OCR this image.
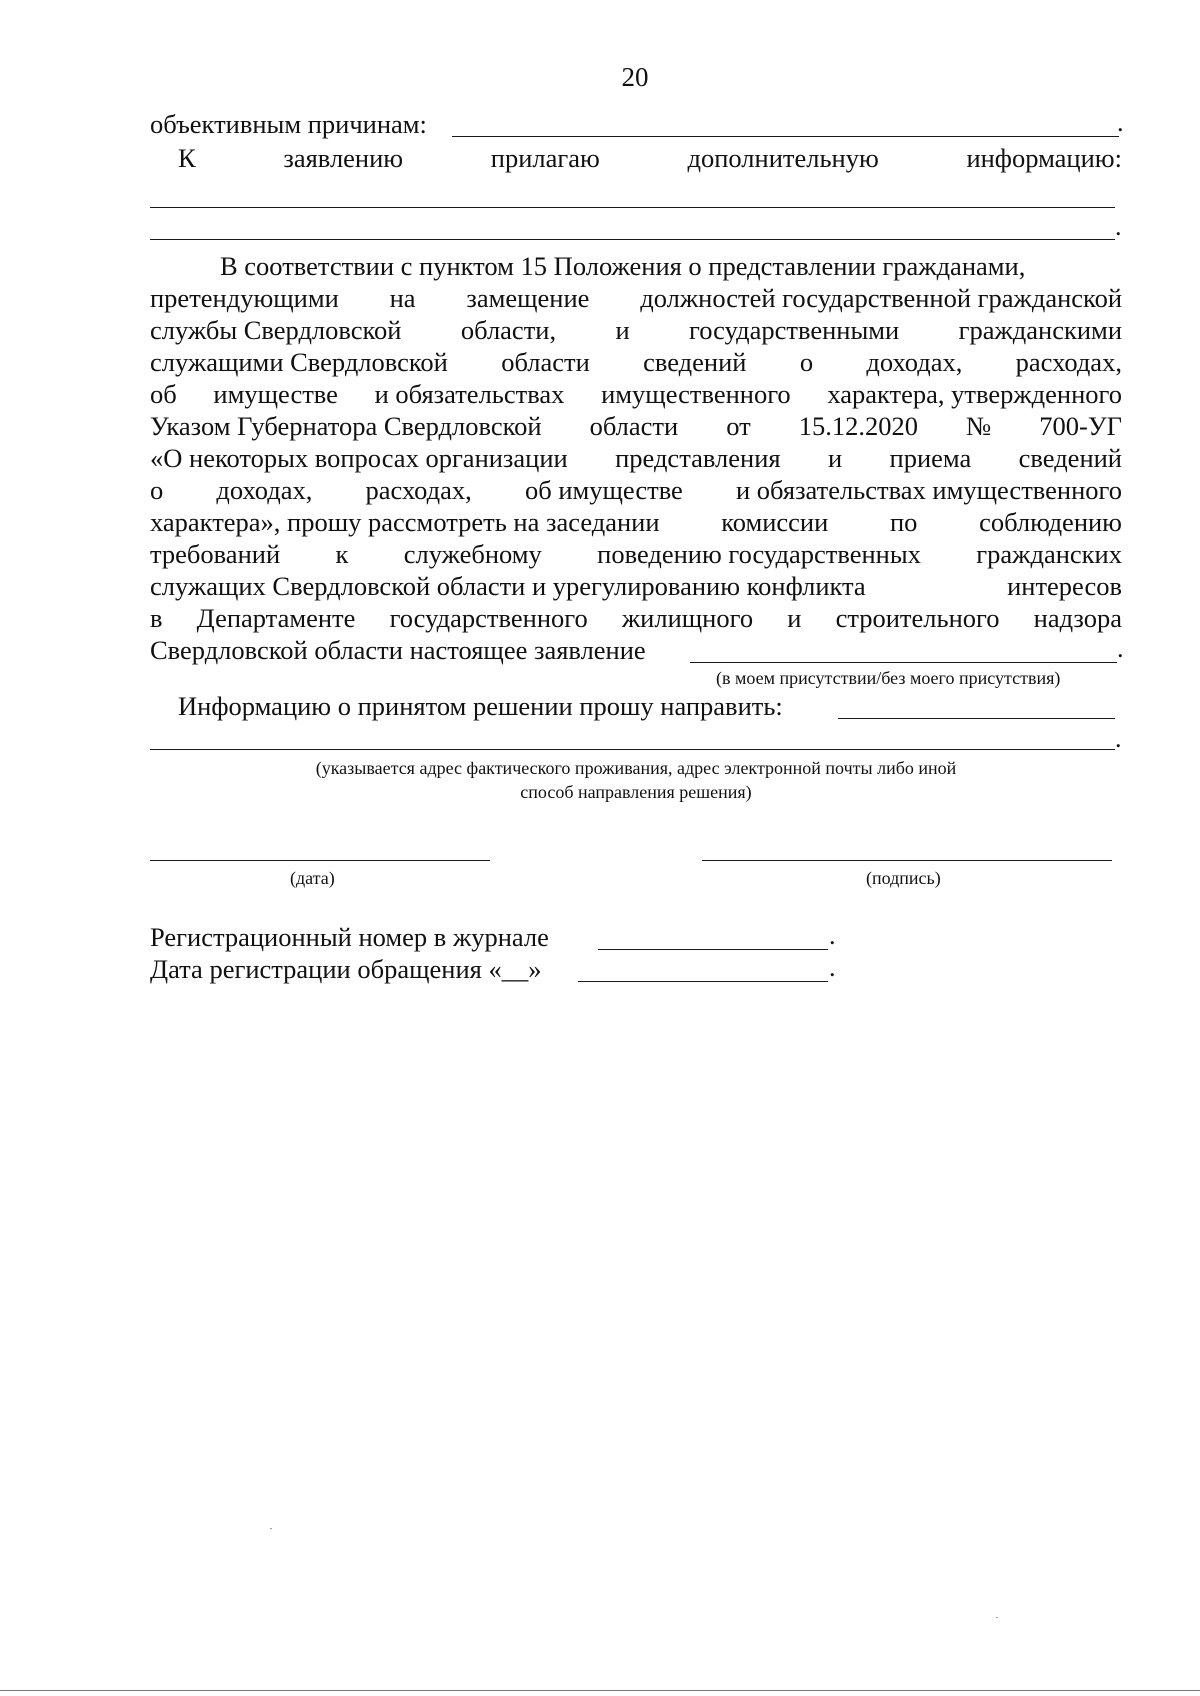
20
объективным причинам:	.
К	заявлению	прилагаю	дополнительную	информацию:
.
В соответствии с пунктом 15 Положения о представлении гражданами,
претендующими на замещение должностей государственной гражданской
службы Свердловской области, и государственными гражданскими
служащими Свердловской области сведений о доходах, расходах,
об имуществе и обязательствах имущественного характера, утвержденного
Указом Губернатора Свердловской области от 15.12.2020 № 700-УГ
«О некоторых вопросах организации представления и приема сведений
о доходах, расходах, об имуществе и обязательствах имущественного
характера», прошу рассмотреть на заседании комиссии по соблюдению
требований к служебному поведению государственных гражданских
служащих Свердловской области и урегулированию конфликта	интересов
в Департаменте государственного жилищного и строительного надзора
Свердловской области настоящее заявление	.
(в моем присутствии/без моего присутствия)
Информацию о принятом решении прошу направить:
.
(указывается адрес фактического проживания, адрес электронной почты либо иной
способ направления решения)
(дата)	(подпись)
Регистрационный номер в журнале	.
Дата регистрации обращения «__»	.
